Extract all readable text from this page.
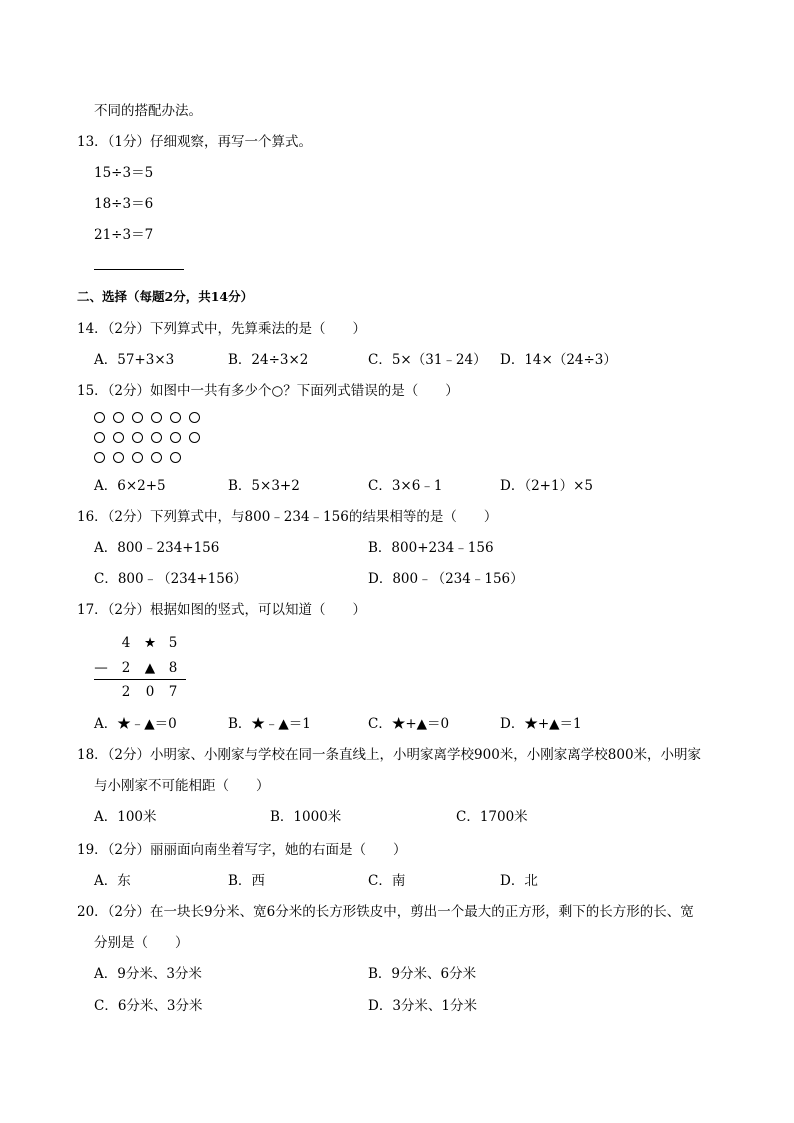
不同的搭配办法。
13．（1分）仔细观察，再写一个算式。
15÷3＝5
18÷3＝6
21÷3＝7
二、选择（每题2分，共14分）
14．（2分）下列算式中，先算乘法的是（　　）
A．57+3×3	B．24÷3×2	C．5×（31﹣24） D．14×（24÷3）
15．（2分）如图中一共有多少个○？下面列式错误的是（　　）
A．6×2+5	B．5×3+2	C．3×6﹣1	D．（2+1）×5
16．（2分）下列算式中，与800﹣234﹣156的结果相等的是（　　）
A．800﹣234+156	B．800+234﹣156
C．800﹣（234+156）	D．800﹣（234﹣156）
17．（2分）根据如图的竖式，可以知道（　　）
4	★ 5
—	2	▲	8
2	0	7
A．★﹣▲＝0	B．★﹣▲＝1	C．★+▲＝0	D．★+▲＝1
18．（2分）小明家、小刚家与学校在同一条直线上，小明家离学校900米，小刚家离学校800米，小明家
与小刚家不可能相距（　　）
A．100米	B．1000米	C．1700米
19．（2分）丽丽面向南坐着写字，她的右面是（　　）
A．东	B．西	C．南	D．北
20．（2分）在一块长9分米、宽6分米的长方形铁皮中，剪出一个最大的正方形，剩下的长方形的长、宽
分别是（　　）
A．9分米、3分米	B．9分米、6分米
C．6分米、3分米	D．3分米、1分米
